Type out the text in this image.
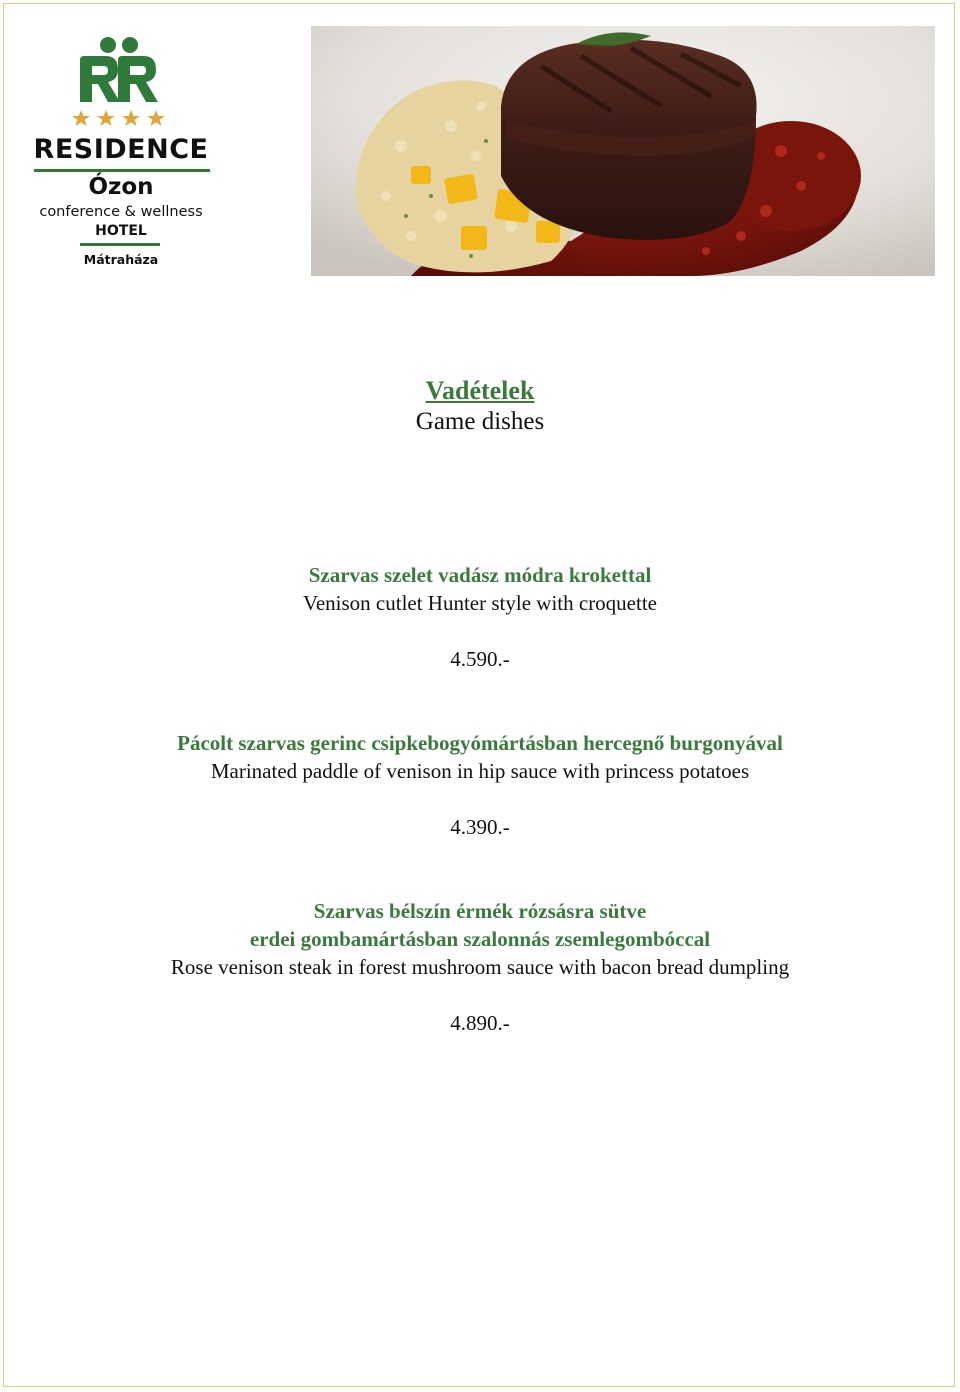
RESIDENCE
Ózon
conference & wellness
HOTEL
Mátraháza
Vadételek
Game dishes
Szarvas szelet vadász módra krokettal
Venison cutlet Hunter style with croquette
4.590.-
Pácolt szarvas gerinc csipkebogyómártásban hercegnő burgonyával
Marinated paddle of venison in hip sauce with princess potatoes
4.390.-
Szarvas bélszín érmék rózsásra sütve
erdei gombamártásban szalonnás zsemlegombóccal
Rose venison steak in forest mushroom sauce with bacon bread dumpling
4.890.-
